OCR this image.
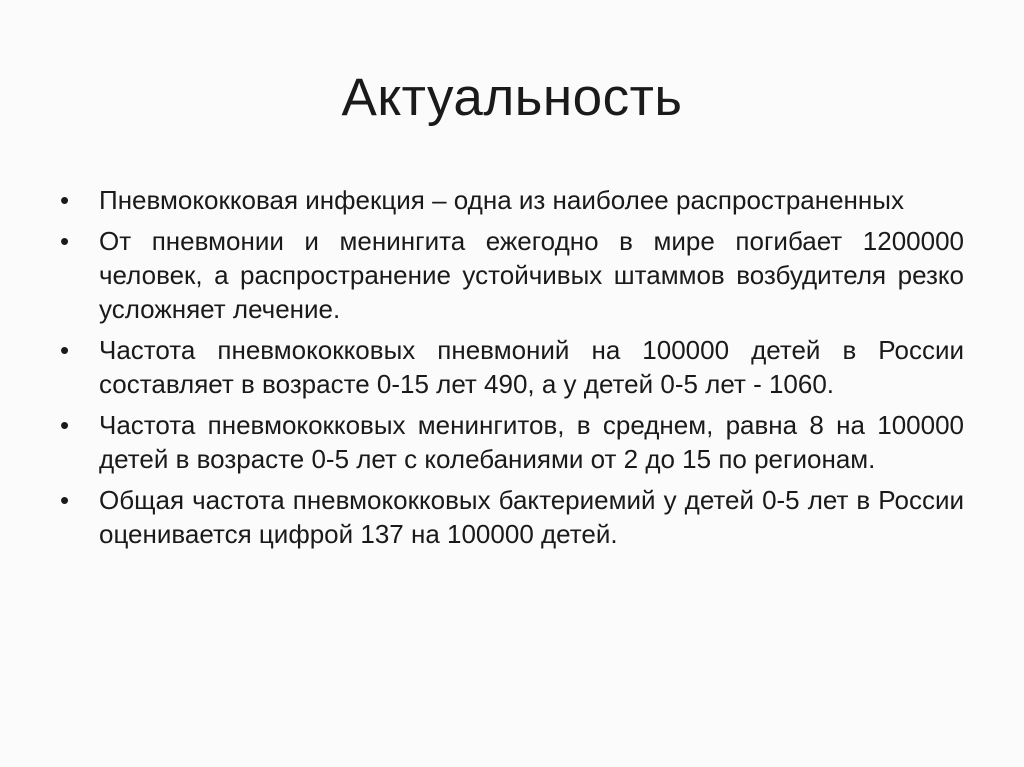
Актуальность
•	Пневмококковая инфекция – одна из наиболее распространенных
•	От пневмонии и менингита ежегодно в мире погибает 1200000 человек, а распространение устойчивых штаммов возбудителя резко усложняет лечение.
•	Частота пневмококковых пневмоний на 100000 детей в России составляет в возрасте 0-15 лет 490, а у детей 0-5 лет - 1060.
•	Частота пневмококковых менингитов, в среднем, равна 8 на 100000 детей в возрасте 0-5 лет с колебаниями от 2 до 15 по регионам.
•	Общая частота пневмококковых бактериемий у детей 0-5 лет в России оценивается цифрой 137 на 100000 детей.
